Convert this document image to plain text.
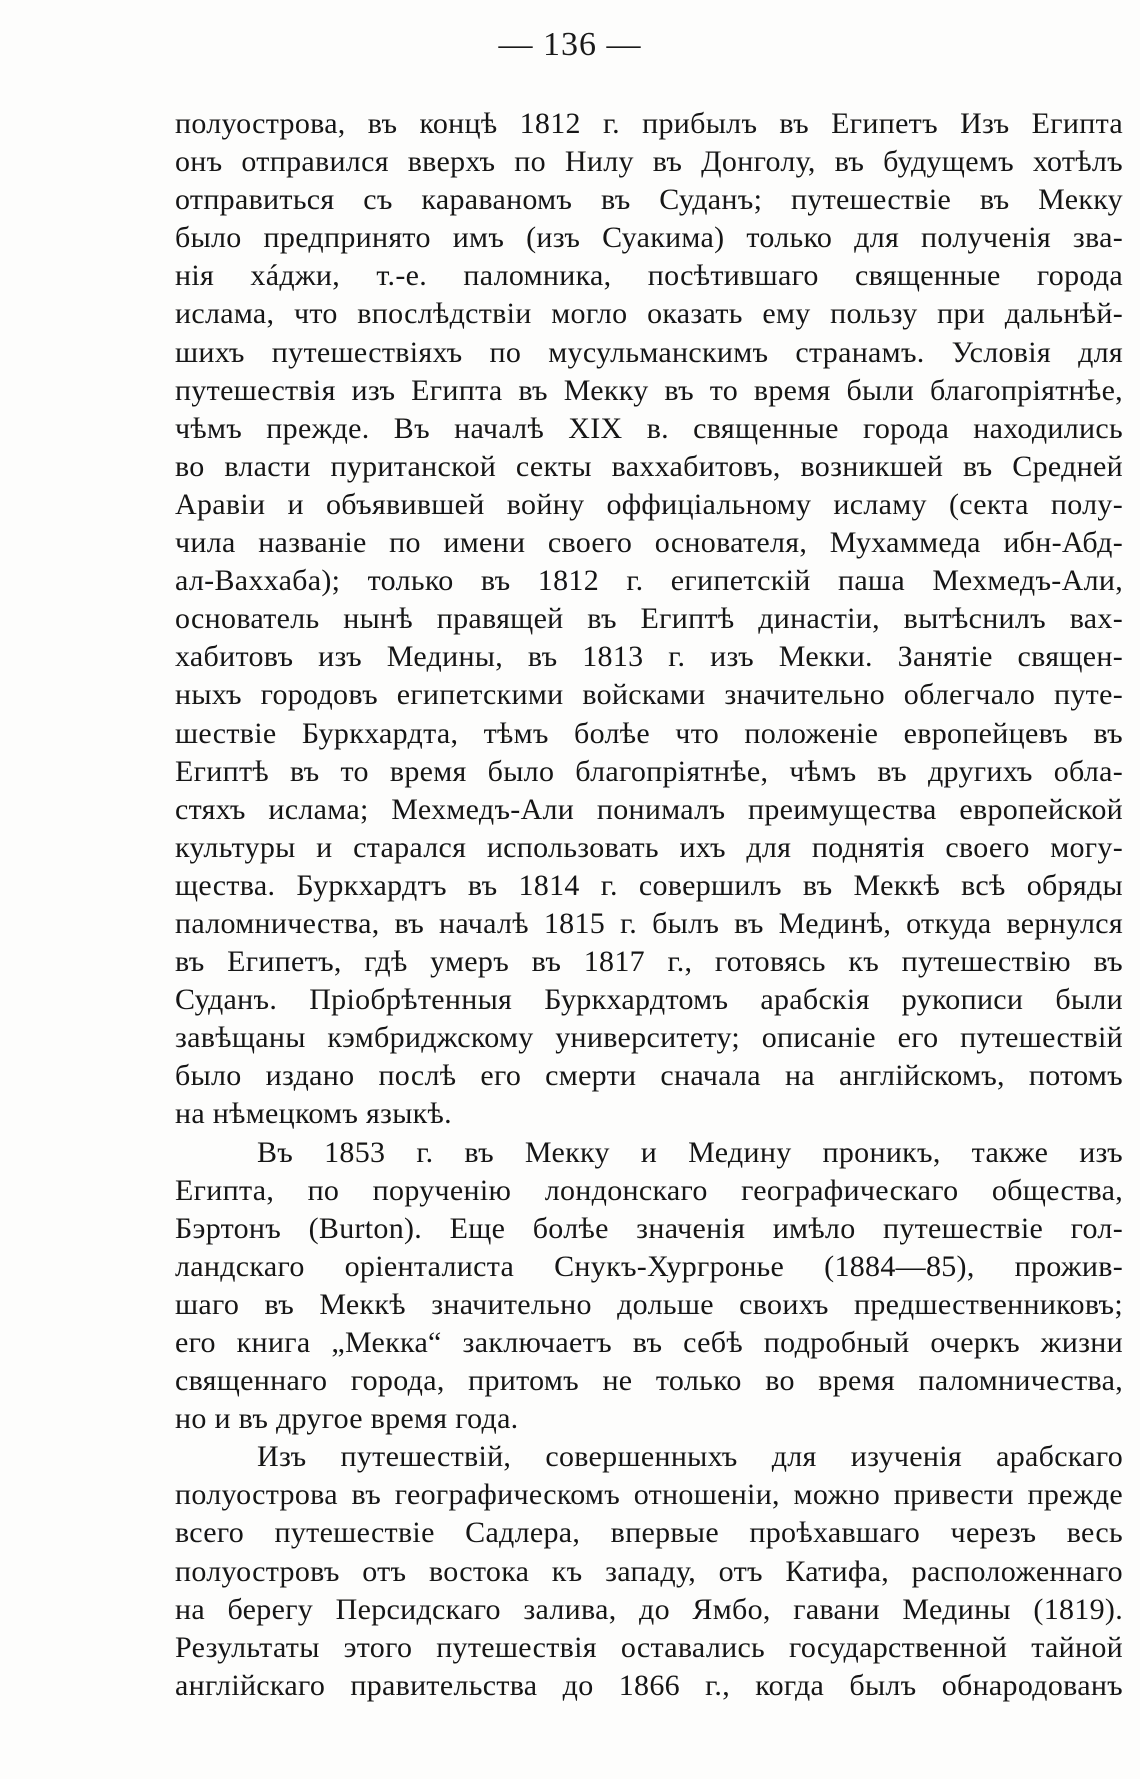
— 136 —
полуострова, въ концѣ 1812 г. прибылъ въ Египетъ Изъ Египта
онъ отправился вверхъ по Нилу въ Донголу, въ будущемъ хотѣлъ
отправиться съ караваномъ въ Суданъ; путешествіе въ Мекку
было предпринято имъ (изъ Суакима) только для полученія зва-
нія хáджи, т.-е. паломника, посѣтившаго священные города
ислама, что впослѣдствіи могло оказать ему пользу при дальнѣй-
шихъ путешествіяхъ по мусульманскимъ странамъ. Условія для
путешествія изъ Египта въ Мекку въ то время были благопріятнѣе,
чѣмъ прежде. Въ началѣ XIX в. священные города находились
во власти пуританской секты ваххабитовъ, возникшей въ Средней
Аравіи и объявившей войну оффиціальному исламу (секта полу-
чила названіе по имени своего основателя, Мухаммеда ибн-Абд-
ал-Ваххаба); только въ 1812 г. египетскій паша Мехмедъ-Али,
основатель нынѣ правящей въ Египтѣ династіи, вытѣснилъ вах-
хабитовъ изъ Медины, въ 1813 г. изъ Мекки. Занятіе священ-
ныхъ городовъ египетскими войсками значительно облегчало путе-
шествіе Буркхардта, тѣмъ болѣе что положеніе европейцевъ въ
Египтѣ въ то время было благопріятнѣе, чѣмъ въ другихъ обла-
стяхъ ислама; Мехмедъ-Али понималъ преимущества европейской
культуры и старался использовать ихъ для поднятія своего могу-
щества. Буркхардтъ въ 1814 г. совершилъ въ Меккѣ всѣ обряды
паломничества, въ началѣ 1815 г. былъ въ Мединѣ, откуда вернулся
въ Египетъ, гдѣ умеръ въ 1817 г., готовясь къ путешествію въ
Суданъ. Пріобрѣтенныя Буркхардтомъ арабскія рукописи были
завѣщаны кэмбриджскому университету; описаніе его путешествій
было издано послѣ его смерти сначала на англійскомъ, потомъ
на нѣмецкомъ языкѣ.
Въ 1853 г. въ Мекку и Медину проникъ, также изъ
Египта, по порученію лондонскаго географическаго общества,
Бэртонъ (Burton). Еще болѣе значенія имѣло путешествіе гол-
ландскаго оріенталиста Снукъ-Хургронье (1884—85), прожив-
шаго въ Меккѣ значительно дольше своихъ предшественниковъ;
его книга „Мекка“ заключаетъ въ себѣ подробный очеркъ жизни
священнаго города, притомъ не только во время паломничества,
но и въ другое время года.
Изъ путешествій, совершенныхъ для изученія арабскаго
полуострова въ географическомъ отношеніи, можно привести прежде
всего путешествіе Садлера, впервые проѣхавшаго черезъ весь
полуостровъ отъ востока къ западу, отъ Катифа, расположеннаго
на берегу Персидскаго залива, до Ямбо, гавани Медины (1819).
Результаты этого путешествія оставались государственной тайной
англійскаго правительства до 1866 г., когда былъ обнародованъ
